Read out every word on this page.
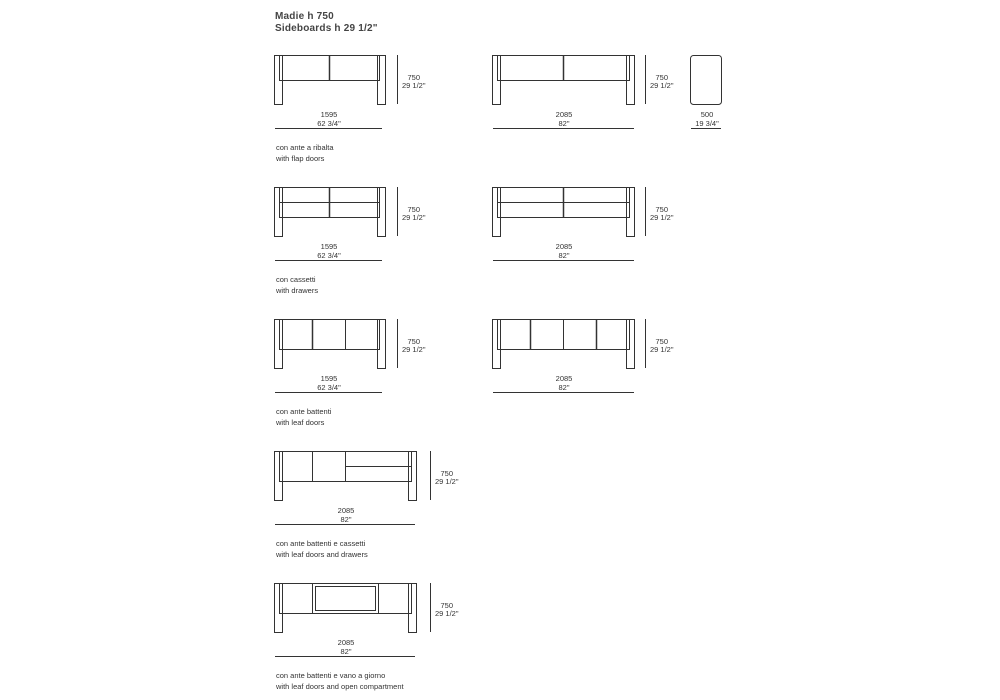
Madie h 750
Sideboards h 29 1/2"
750
29 1/2"
750
29 1/2"
1595
62 3/4"
2085
82"
500
19 3/4"
con ante a ribalta
with flap doors
750
29 1/2"
750
29 1/2"
1595
62 3/4"
2085
82"
con cassetti
with drawers
750
29 1/2"
750
29 1/2"
1595
62 3/4"
2085
82"
con ante battenti
with leaf doors
750
29 1/2"
2085
82"
con ante battenti e cassetti
with leaf doors and drawers
750
29 1/2"
2085
82"
con ante battenti e vano a giorno
with leaf doors and open compartment
